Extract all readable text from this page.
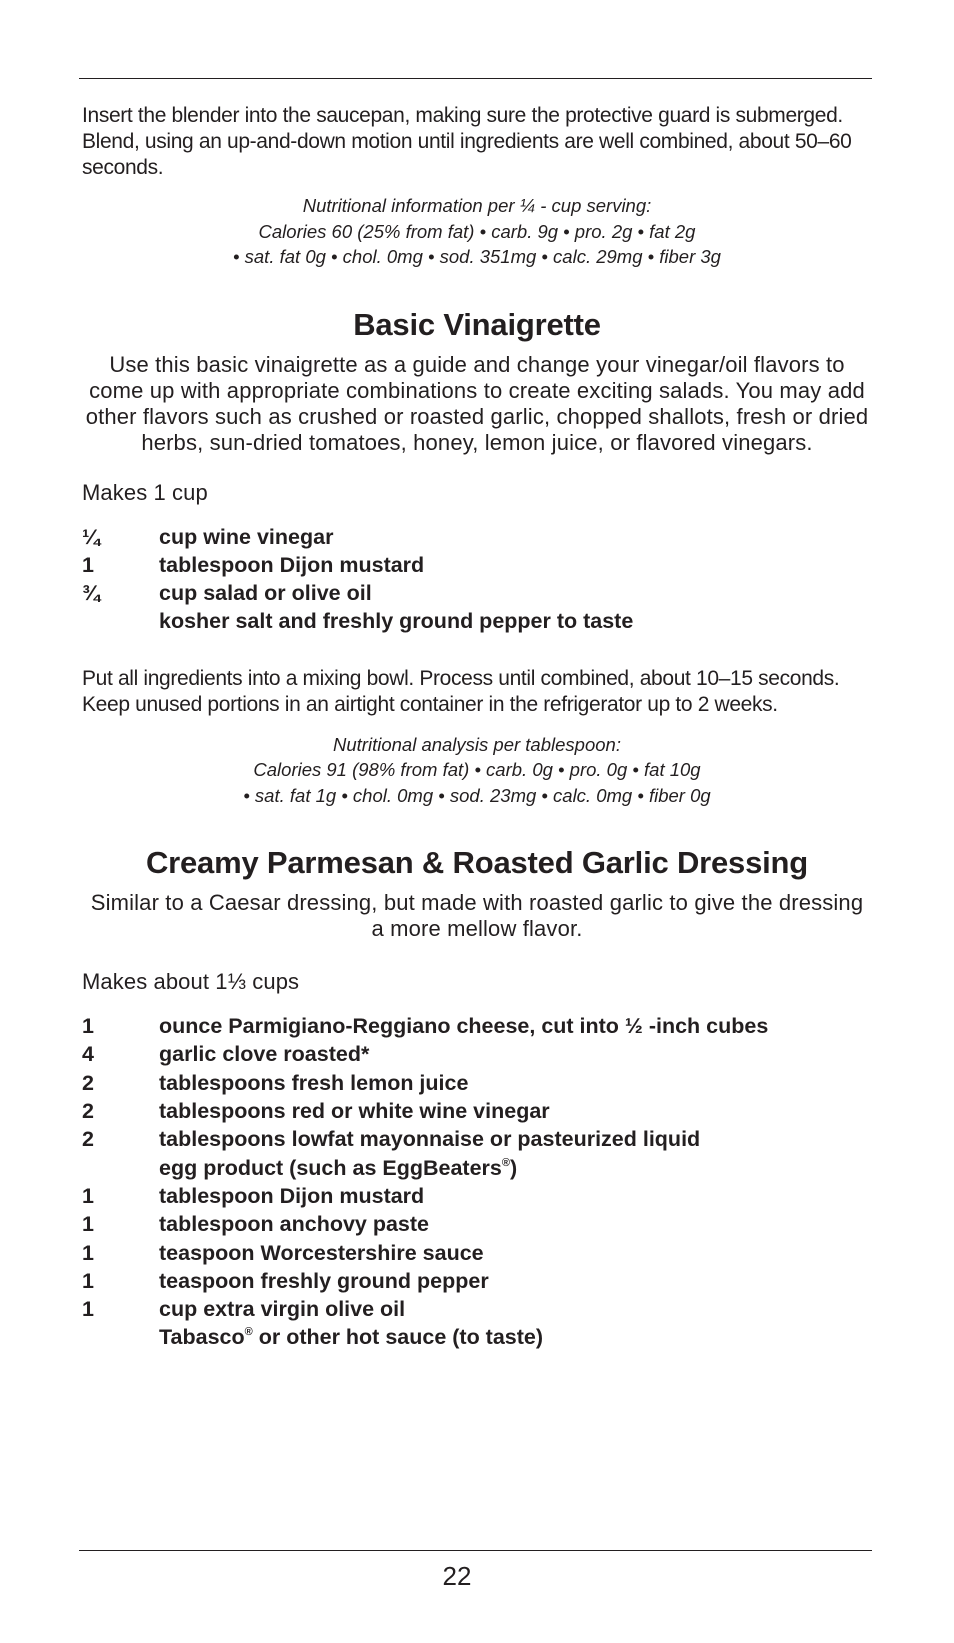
Insert the blender into the saucepan, making sure the protective guard is submerged. Blend, using an up-and-down motion until ingredients are well combined, about 50–60 seconds.

Nutritional information per ¼ - cup serving:

Calories 60 (25% from fat) • carb. 9g • pro. 2g • fat 2g

• sat. fat 0g • chol. 0mg • sod. 351mg • calc. 29mg • fiber 3g

Basic Vinaigrette

Use this basic vinaigrette as a guide and change your vinegar/oil flavors to come up with appropriate combinations to create exciting salads. You may add other flavors such as crushed or roasted garlic, chopped shallots, fresh or dried herbs, sun-dried tomatoes, honey, lemon juice, or flavored vinegars.

Makes 1 cup

¼	cup wine vinegar
1	tablespoon Dijon mustard
¾	cup salad or olive oil
kosher salt and freshly ground pepper to taste

Put all ingredients into a mixing bowl. Process until combined, about 10–15 seconds. Keep unused portions in an airtight container in the refrigerator up to 2 weeks.

Nutritional analysis per tablespoon:

Calories 91 (98% from fat) • carb. 0g • pro. 0g • fat 10g

• sat. fat 1g • chol. 0mg • sod. 23mg • calc. 0mg • fiber 0g

Creamy Parmesan & Roasted Garlic Dressing

Similar to a Caesar dressing, but made with roasted garlic to give the dressing a more mellow flavor.

Makes about 1⅓ cups

1	ounce Parmigiano-Reggiano cheese, cut into ½ -inch cubes
4	garlic clove roasted*
2	tablespoons fresh lemon juice
2	tablespoons red or white wine vinegar
2	tablespoons lowfat mayonnaise or pasteurized liquid
egg product (such as EggBeaters®)
1	tablespoon Dijon mustard
1	tablespoon anchovy paste
1	teaspoon Worcestershire sauce
1	teaspoon freshly ground pepper
1	cup extra virgin olive oil
Tabasco® or other hot sauce (to taste)
22
